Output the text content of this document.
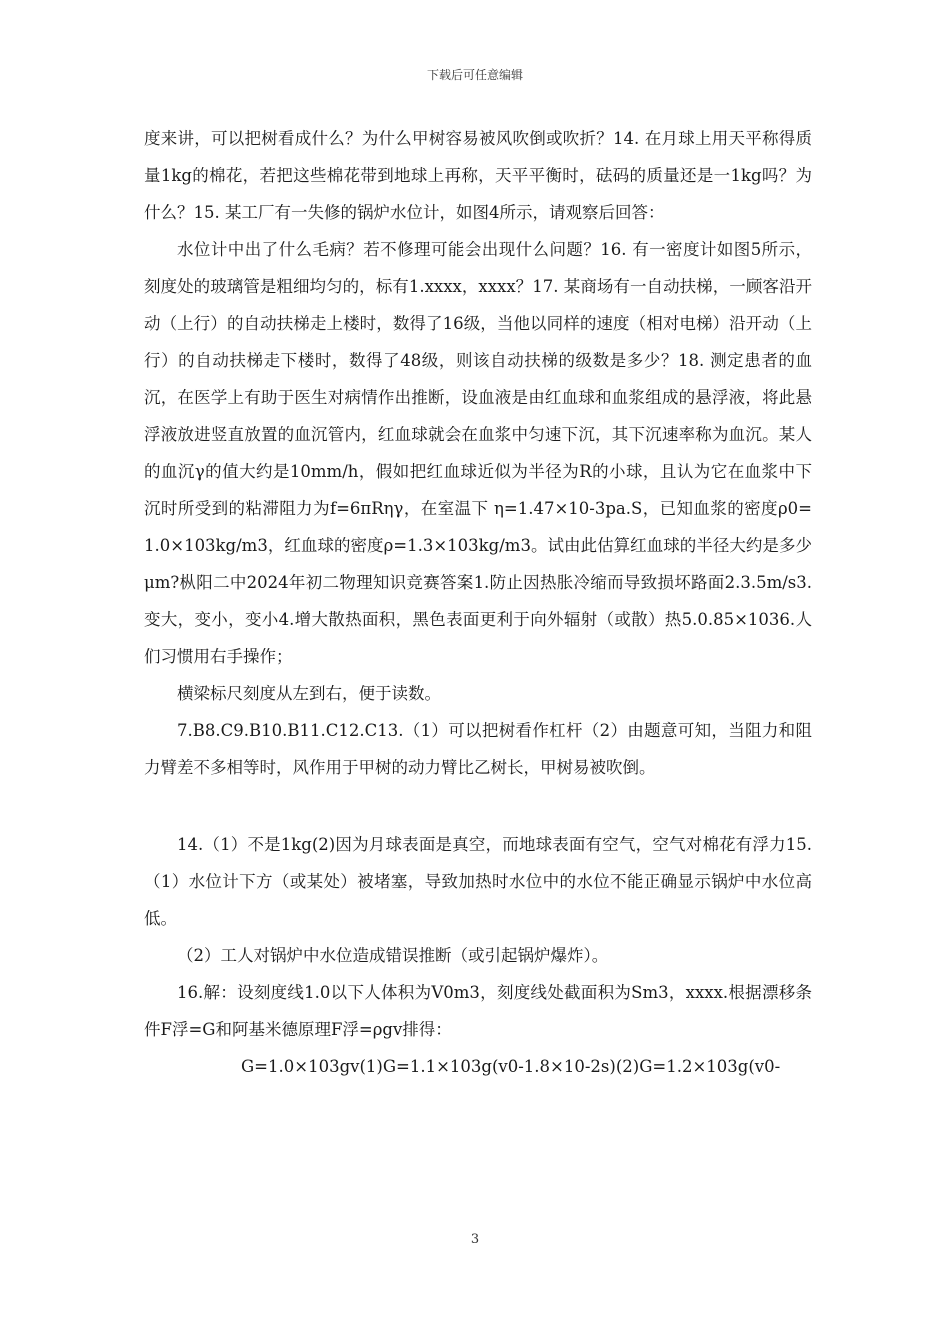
下载后可任意编辑

度来讲，可以把树看成什么？为什么甲树容易被风吹倒或吹折？14. 在月球上用天平称得质量1kg的棉花，若把这些棉花带到地球上再称，天平平衡时，砝码的质量还是一1kg吗？为什么？15. 某工厂有一失修的锅炉水位计，如图4所示，请观察后回答：

水位计中出了什么毛病？若不修理可能会出现什么问题？16. 有一密度计如图5所示，刻度处的玻璃管是粗细均匀的，标有1.xxxx，xxxx？17. 某商场有一自动扶梯，一顾客沿开动（上行）的自动扶梯走上楼时，数得了16级，当他以同样的速度（相对电梯）沿开动（上行）的自动扶梯走下楼时，数得了48级，则该自动扶梯的级数是多少？18. 测定患者的血沉，在医学上有助于医生对病情作出推断，设血液是由红血球和血浆组成的悬浮液，将此悬浮液放进竖直放置的血沉管内，红血球就会在血浆中匀速下沉，其下沉速率称为血沉。某人的血沉γ的值大约是10mm/h，假如把红血球近似为半径为R的小球，且认为它在血浆中下沉时所受到的粘滞阻力为f=6πRηγ，在室温下 η=1.47×10-3pa.S，已知血浆的密度ρ0=1.0×103kg/m3，红血球的密度ρ=1.3×103kg/m3。试由此估算红血球的半径大约是多少μm?枞阳二中2024年初二物理知识竞赛答案1.防止因热胀冷缩而导致损坏路面2.3.5m/s3.变大，变小，变小4.增大散热面积，黑色表面更利于向外辐射（或散）热5.0.85×1036.人们习惯用右手操作；

横梁标尺刻度从左到右，便于读数。

7.B8.C9.B10.B11.C12.C13.（1）可以把树看作杠杆（2）由题意可知，当阻力和阻力臂差不多相等时，风作用于甲树的动力臂比乙树长，甲树易被吹倒。

14.（1）不是1kg(2)因为月球表面是真空，而地球表面有空气，空气对棉花有浮力15.（1）水位计下方（或某处）被堵塞，导致加热时水位中的水位不能正确显示锅炉中水位高低。

（2）工人对锅炉中水位造成错误推断（或引起锅炉爆炸）。

16.解：设刻度线1.0以下人体积为V0m3，刻度线处截面积为Sm3，xxxx.根据漂移条件F浮=G和阿基米德原理F浮=ρgv排得：

G=1.0×103gv(1)G=1.1×103g(v0-1.8×10-2s)(2)G=1.2×103g(v0-

3
